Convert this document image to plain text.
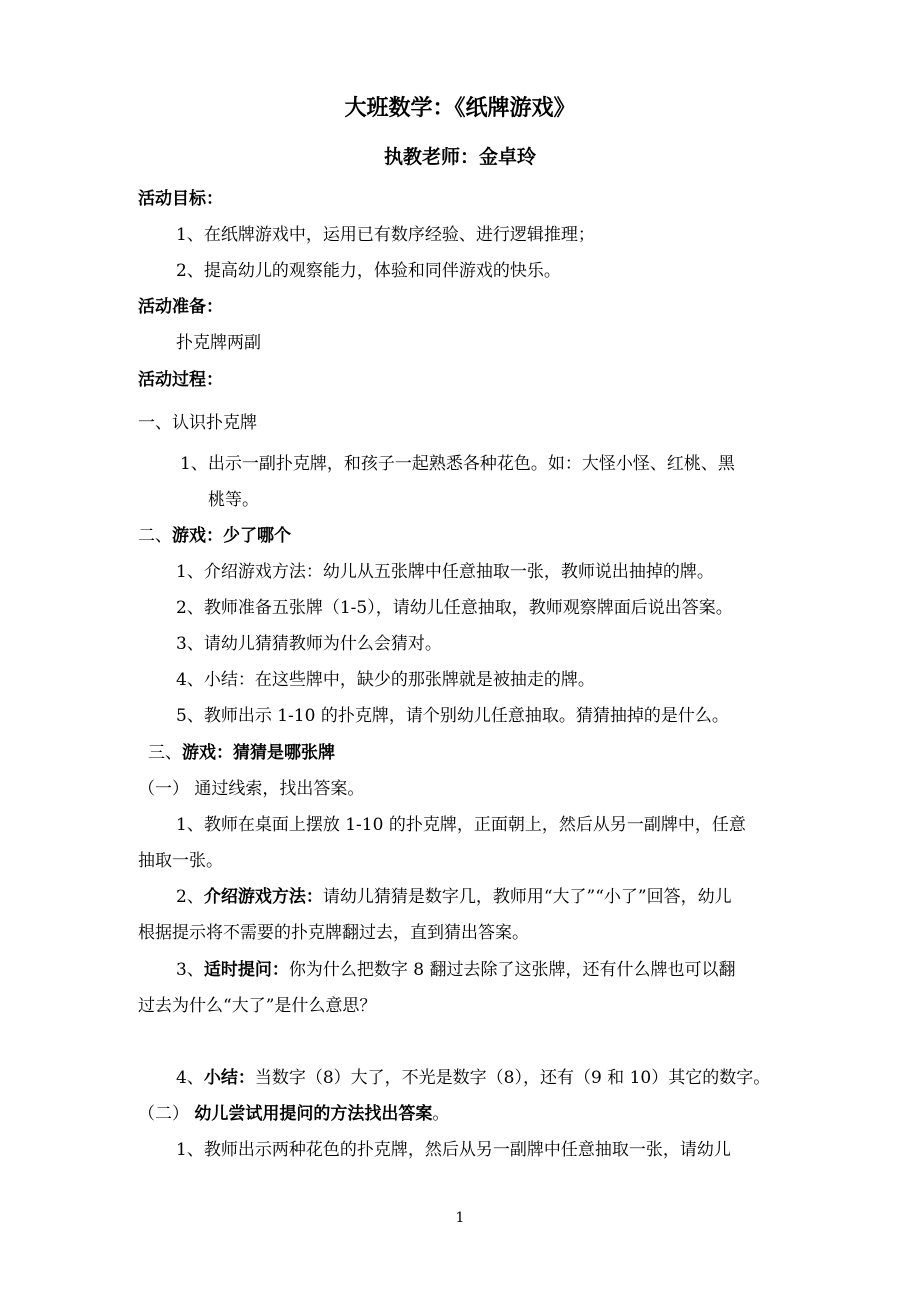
大班数学：《纸牌游戏》
执教老师：金卓玲
活动目标：
1、在纸牌游戏中，运用已有数序经验、进行逻辑推理；
2、提高幼儿的观察能力，体验和同伴游戏的快乐。
活动准备：
扑克牌两副
活动过程：
一、认识扑克牌
1、出示一副扑克牌，和孩子一起熟悉各种花色。如：大怪小怪、红桃、黑
桃等。
二、游戏：少了哪个
1、介绍游戏方法：幼儿从五张牌中任意抽取一张，教师说出抽掉的牌。
2、教师准备五张牌（1-5），请幼儿任意抽取，教师观察牌面后说出答案。
3、请幼儿猜猜教师为什么会猜对。
4、小结：在这些牌中，缺少的那张牌就是被抽走的牌。
5、教师出示 1-10 的扑克牌，请个别幼儿任意抽取。猜猜抽掉的是什么。
三、游戏：猜猜是哪张牌
（一） 通过线索，找出答案。
1、教师在桌面上摆放 1-10 的扑克牌，正面朝上，然后从另一副牌中，任意
抽取一张。
2、介绍游戏方法：请幼儿猜猜是数字几，教师用“大了”“小了”回答，幼儿
根据提示将不需要的扑克牌翻过去，直到猜出答案。
3、适时提问：你为什么把数字 8 翻过去除了这张牌，还有什么牌也可以翻
过去为什么“大了”是什么意思？
4、小结：当数字（8）大了，不光是数字（8），还有（9 和 10）其它的数字。
（二） 幼儿尝试用提问的方法找出答案。
1、教师出示两种花色的扑克牌，然后从另一副牌中任意抽取一张，请幼儿
1
